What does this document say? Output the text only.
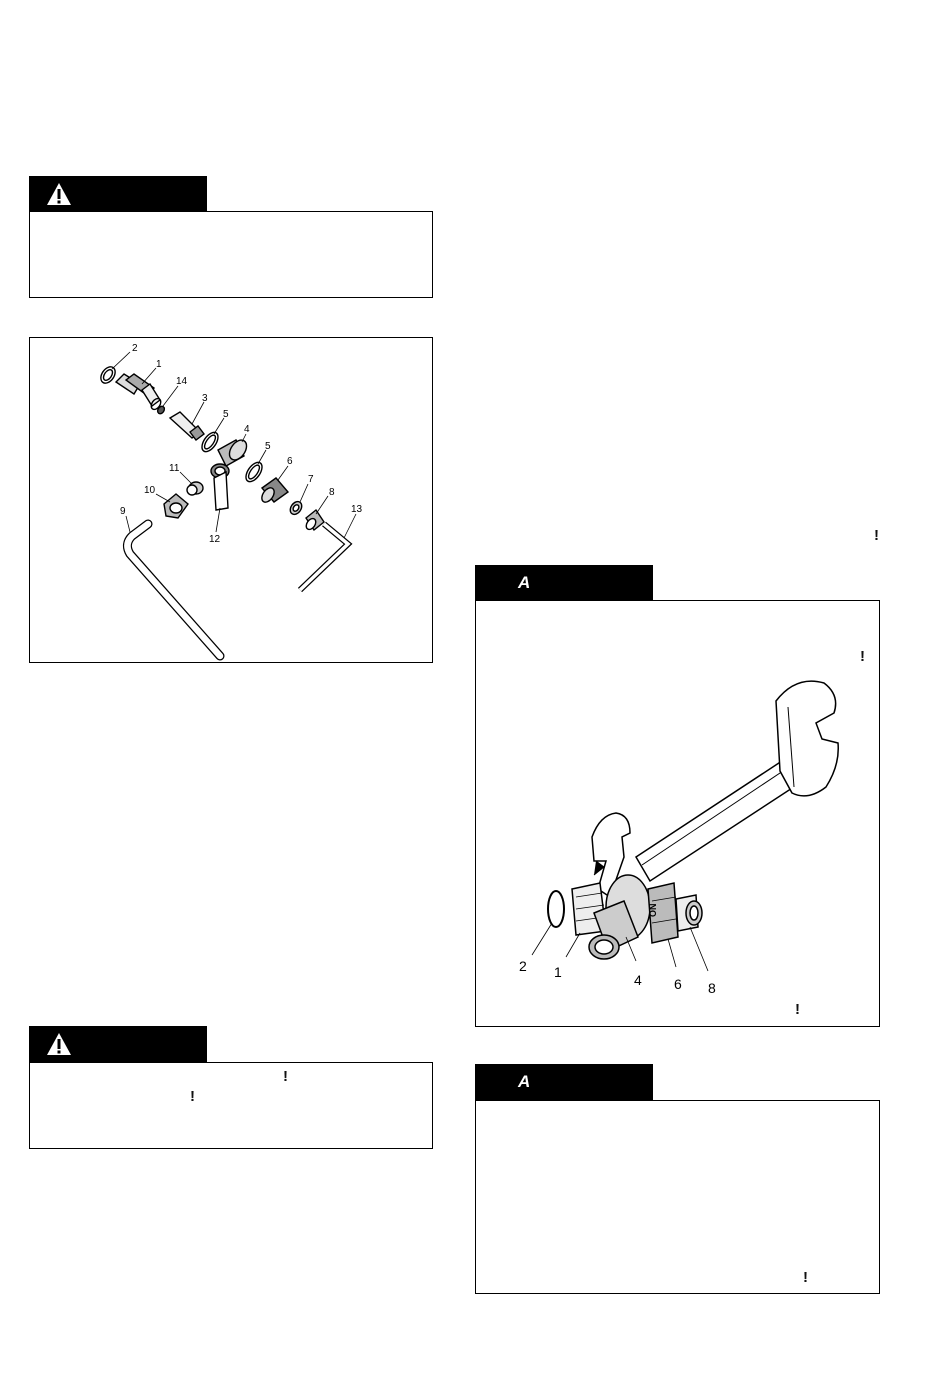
2
1
14
3
5
4
5
6
7
8
13
11
10
9
12
!
!
!
A
!
ON
2 1	4 6 8
!
A
!
